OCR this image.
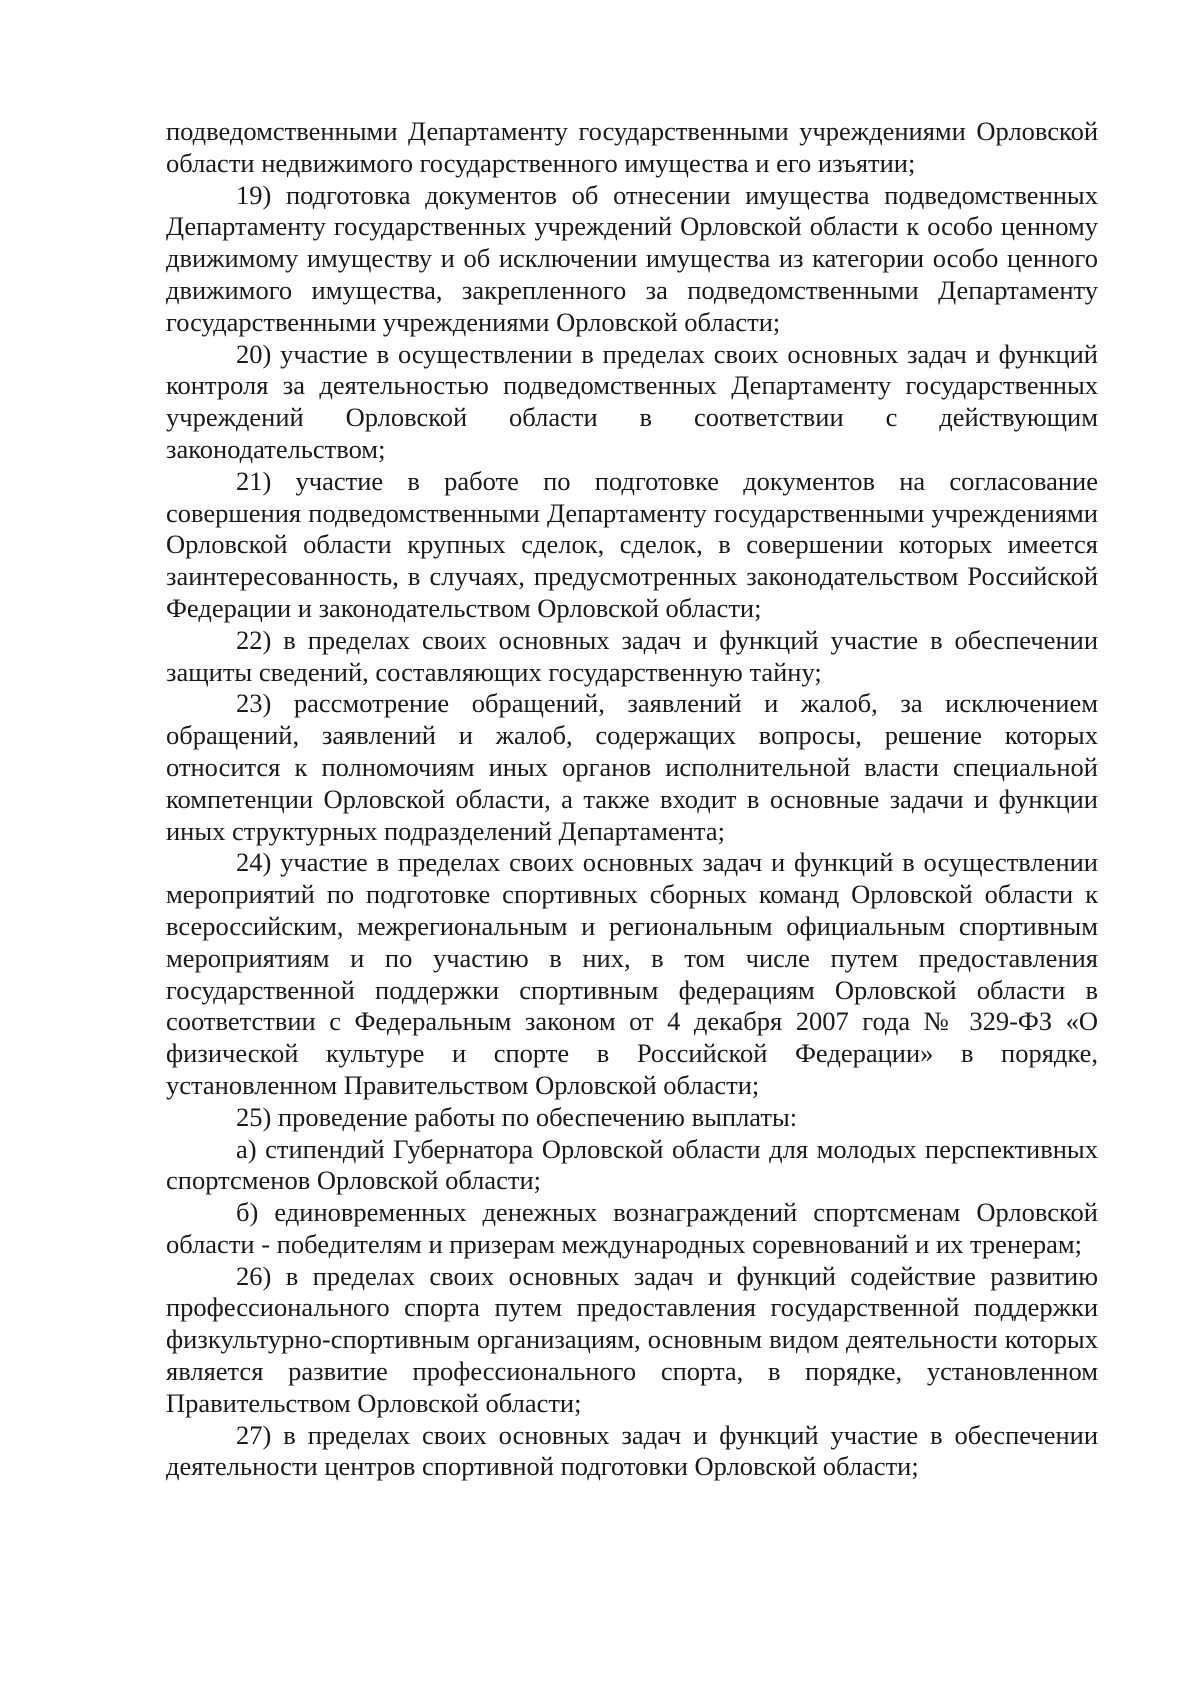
подведомственными Департаменту государственными учреждениями Орловской области недвижимого государственного имущества и его изъятии;

19) подготовка документов об отнесении имущества подведомственных Департаменту государственных учреждений Орловской области к особо ценному движимому имуществу и об исключении имущества из категории особо ценного движимого имущества, закрепленного за подведомственными Департаменту государственными учреждениями Орловской области;

20) участие в осуществлении в пределах своих основных задач и функций контроля за деятельностью подведомственных Департаменту государственных учреждений Орловской области в соответствии с действующим законодательством;

21) участие в работе по подготовке документов на согласование совершения подведомственными Департаменту государственными учреждениями Орловской области крупных сделок, сделок, в совершении которых имеется заинтересованность, в случаях, предусмотренных законодательством Российской Федерации и законодательством Орловской области;

22) в пределах своих основных задач и функций участие в обеспечении защиты сведений, составляющих государственную тайну;

23) рассмотрение обращений, заявлений и жалоб, за исключением обращений, заявлений и жалоб, содержащих вопросы, решение которых относится к полномочиям иных органов исполнительной власти специальной компетенции Орловской области, а также входит в основные задачи и функции иных структурных подразделений Департамента;

24) участие в пределах своих основных задач и функций в осуществлении мероприятий по подготовке спортивных сборных команд Орловской области к всероссийским, межрегиональным и региональным официальным спортивным мероприятиям и по участию в них, в том числе путем предоставления государственной поддержки спортивным федерациям Орловской области в соответствии с Федеральным законом от 4 декабря 2007 года № 329-ФЗ «О физической культуре и спорте в Российской Федерации» в порядке, установленном Правительством Орловской области;

25) проведение работы по обеспечению выплаты:

а) стипендий Губернатора Орловской области для молодых перспективных спортсменов Орловской области;

б) единовременных денежных вознаграждений спортсменам Орловской области - победителям и призерам международных соревнований и их тренерам;

26) в пределах своих основных задач и функций содействие развитию профессионального спорта путем предоставления государственной поддержки физкультурно-спортивным организациям, основным видом деятельности которых является развитие профессионального спорта, в порядке, установленном Правительством Орловской области;

27) в пределах своих основных задач и функций участие в обеспечении деятельности центров спортивной подготовки Орловской области;
